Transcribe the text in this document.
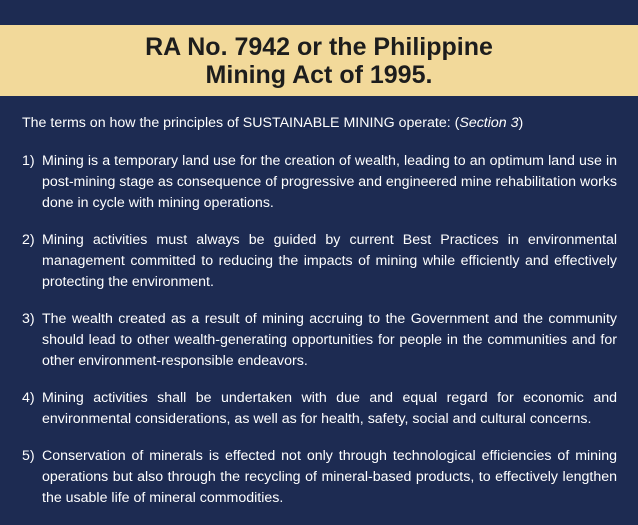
RA No. 7942 or the Philippine
Mining Act of 1995.

The terms on how the principles of SUSTAINABLE MINING operate: (Section 3)

1) Mining is a temporary land use for the creation of wealth, leading to an optimum land use in post-mining stage as consequence of progressive and engineered mine rehabilitation works done in cycle with mining operations.
2) Mining activities must always be guided by current Best Practices in environmental management committed to reducing the impacts of mining while efficiently and effectively protecting the environment.
3) The wealth created as a result of mining accruing to the Government and the community should lead to other wealth-generating opportunities for people in the communities and for other environment-responsible endeavors.
4) Mining activities shall be undertaken with due and equal regard for economic and environmental considerations, as well as for health, safety, social and cultural concerns.
5) Conservation of minerals is effected not only through technological efficiencies of mining operations but also through the recycling of mineral-based products, to effectively lengthen the usable life of mineral commodities.
